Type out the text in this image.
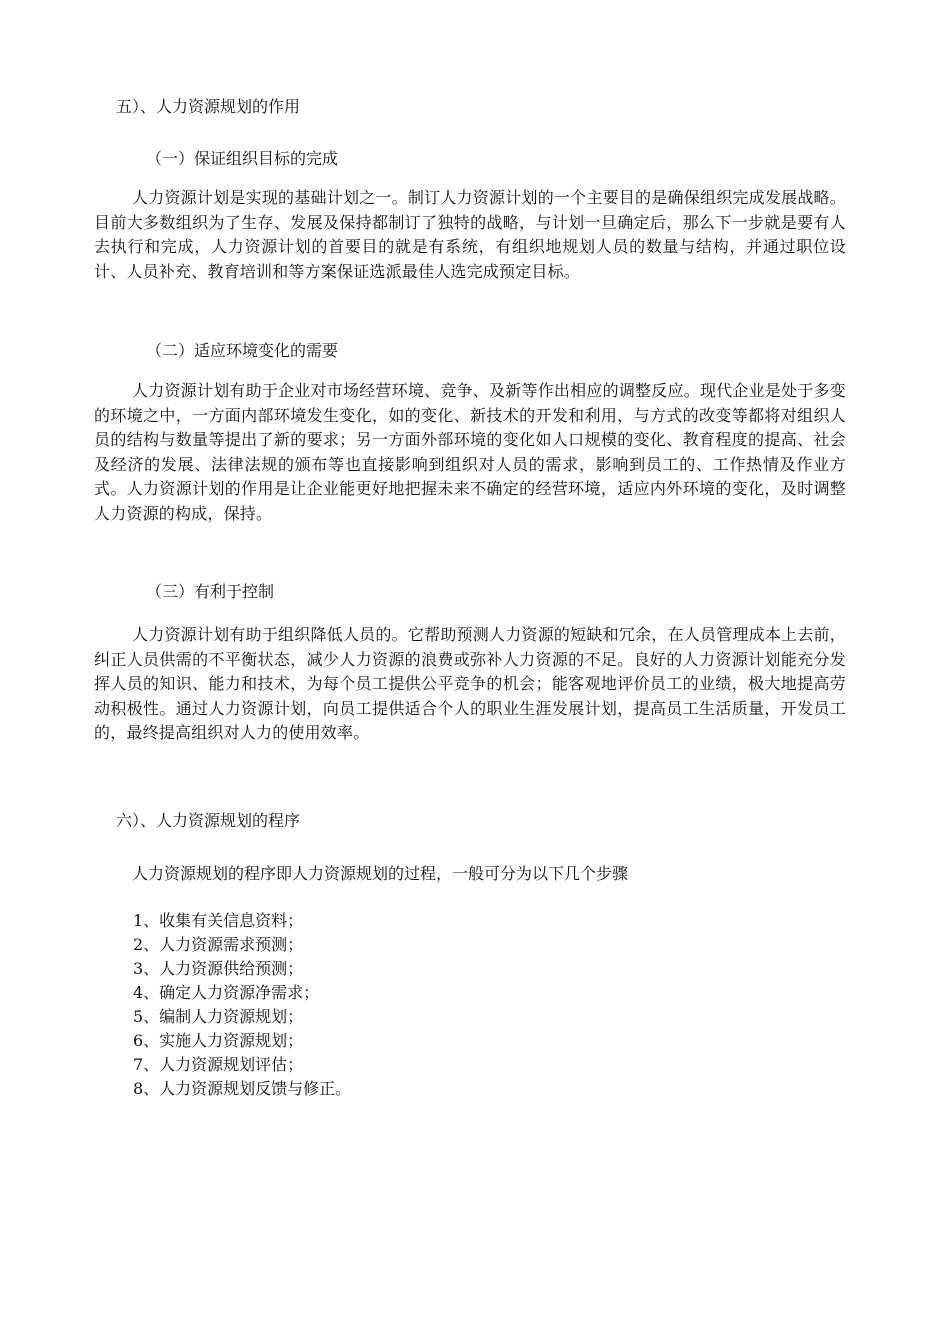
五）、人力资源规划的作用
（一）保证组织目标的完成

人力资源计划是实现的基础计划之一。制订人力资源计划的一个主要目的是确保组织完成发展战略。目前大多数组织为了生存、发展及保持都制订了独特的战略，与计划一旦确定后，那么下一步就是要有人去执行和完成，人力资源计划的首要目的就是有系统，有组织地规划人员的数量与结构，并通过职位设计、人员补充、教育培训和等方案保证选派最佳人选完成预定目标。

（二）适应环境变化的需要

人力资源计划有助于企业对市场经营环境、竞争、及新等作出相应的调整反应。现代企业是处于多变的环境之中，一方面内部环境发生变化，如的变化、新技术的开发和利用，与方式的改变等都将对组织人员的结构与数量等提出了新的要求；另一方面外部环境的变化如人口规模的变化、教育程度的提高、社会及经济的发展、法律法规的颁布等也直接影响到组织对人员的需求，影响到员工的、工作热情及作业方式。人力资源计划的作用是让企业能更好地把握未来不确定的经营环境，适应内外环境的变化，及时调整人力资源的构成，保持。

（三）有利于控制

人力资源计划有助于组织降低人员的。它帮助预测人力资源的短缺和冗余，在人员管理成本上去前，纠正人员供需的不平衡状态，减少人力资源的浪费或弥补人力资源的不足。良好的人力资源计划能充分发挥人员的知识、能力和技术，为每个员工提供公平竞争的机会；能客观地评价员工的业绩，极大地提高劳动积极性。通过人力资源计划，向员工提供适合个人的职业生涯发展计划，提高员工生活质量，开发员工的，最终提高组织对人力的使用效率。

六）、人力资源规划的程序
人力资源规划的程序即人力资源规划的过程，一般可分为以下几个步骤
1、收集有关信息资料；
2、人力资源需求预测；
3、人力资源供给预测；
4、确定人力资源净需求；
5、编制人力资源规划；
6、实施人力资源规划；
7、人力资源规划评估；
8、人力资源规划反馈与修正。
